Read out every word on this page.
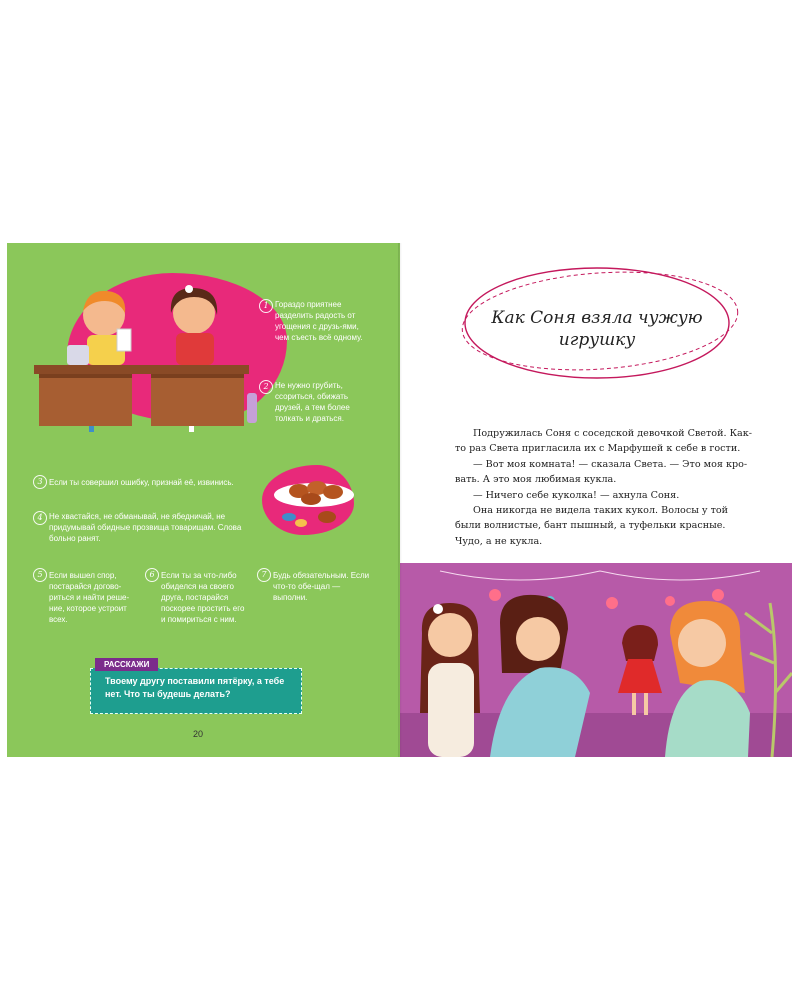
1 Гораздо приятнее разделить радость от угощения с друзь-ями, чем съесть всё одному.
2 Не нужно грубить, ссориться, обижать друзей, а тем более толкать и драться.
3 Если ты совершил ошибку, признай её, извинись.
4 Не хвастайся, не обманывай, не ябедничай, не придумывай обидные прозвища товарищам. Слова больно ранят.
5 Если вышел спор, постарайся догово-риться и найти реше-ние, которое устроит всех.
6 Если ты за что-либо обиделся на своего друга, постарайся поскорее простить его и помириться с ним.
7 Будь обязательным. Если что-то обе-щал — выполни.
Твоему другу поставили пятёрку, а тебе нет. Что ты будешь делать?
РАССКАЖИ
20
Как Соня взяла чужую
игрушку

Подружилась Соня с соседской девочкой Светой. Как-то раз Света пригласила их с Марфушей к себе в гости.

— Вот моя комната! — сказала Света. — Это моя кро-вать. А это моя любимая кукла.

— Ничего себе куколка! — ахнула Соня.

Она никогда не видела таких кукол. Волосы у той были волнистые, бант пышный, а туфельки красные. Чудо, а не кукла.
